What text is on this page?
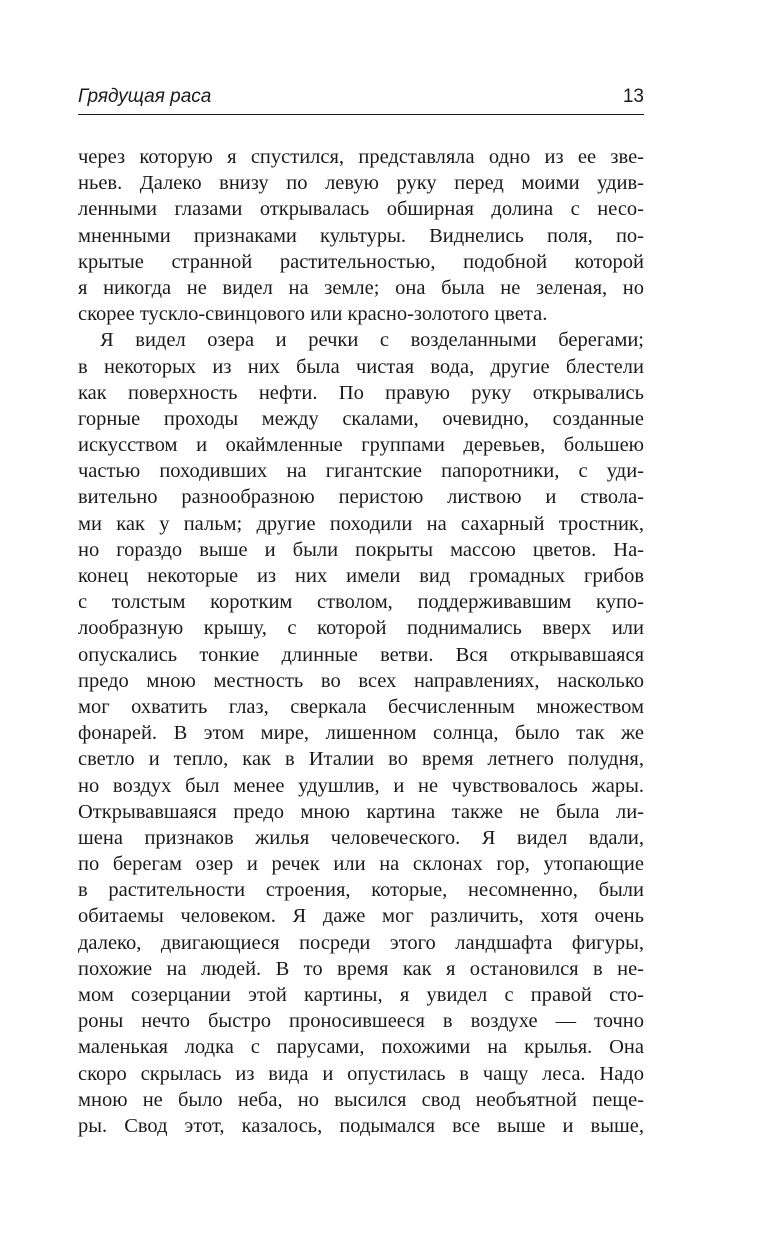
Грядущая раса	13
через которую я спустился, представляла одно из ее зве-
ньев. Далеко внизу по левую руку перед моими удив-
ленными глазами открывалась обширная долина с несо-
мненными признаками культуры. Виднелись поля, по-
крытые странной растительностью, подобной которой
я никогда не видел на земле; она была не зеленая, но
скорее тускло-свинцового или красно-золотого цвета.
Я видел озера и речки с возделанными берегами;
в некоторых из них была чистая вода, другие блестели
как поверхность нефти. По правую руку открывались
горные проходы между скалами, очевидно, созданные
искусством и окаймленные группами деревьев, большею
частью походивших на гигантские папоротники, с уди-
вительно разнообразною перистою листвою и ствола-
ми как у пальм; другие походили на сахарный тростник,
но гораздо выше и были покрыты массою цветов. На-
конец некоторые из них имели вид громадных грибов
с толстым коротким стволом, поддерживавшим купо-
лообразную крышу, с которой поднимались вверх или
опускались тонкие длинные ветви. Вся открывавшаяся
предо мною местность во всех направлениях, насколько
мог охватить глаз, сверкала бесчисленным множеством
фонарей. В этом мире, лишенном солнца, было так же
светло и тепло, как в Италии во время летнего полудня,
но воздух был менее удушлив, и не чувствовалось жары.
Открывавшаяся предо мною картина также не была ли-
шена признаков жилья человеческого. Я видел вдали,
по берегам озер и речек или на склонах гор, утопающие
в растительности строения, которые, несомненно, были
обитаемы человеком. Я даже мог различить, хотя очень
далеко, двигающиеся посреди этого ландшафта фигуры,
похожие на людей. В то время как я остановился в не-
мом созерцании этой картины, я увидел с правой сто-
роны нечто быстро проносившееся в воздухе — точно
маленькая лодка с парусами, похожими на крылья. Она
скоро скрылась из вида и опустилась в чащу леса. Надо
мною не было неба, но высился свод необъятной пеще-
ры. Свод этот, казалось, подымался все выше и выше,
